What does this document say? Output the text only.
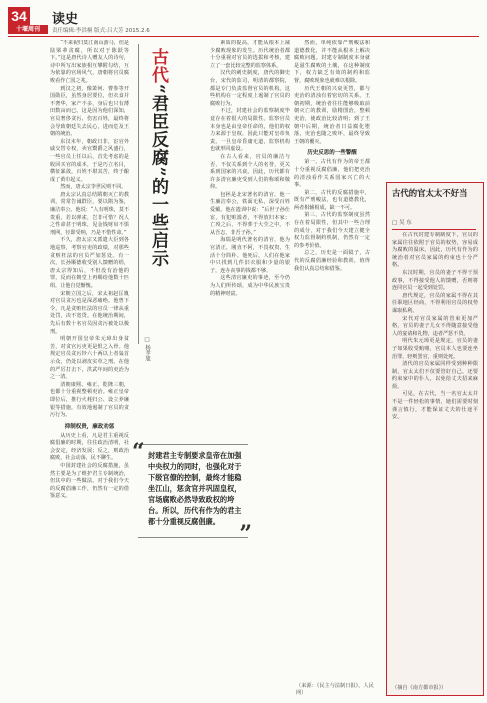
34
十堰周刊
读史
责任编辑:李洪桐 版式:吕大芳 2015.2.6

“不来祝归莫江南山游马，但是陆梁辈贪腐，所以对于陈跃等下。”这是唐代诗人赠友人的诗句，诗中所写出家族相互攀附勾结，互为依靠的官场风气，唐朝将官员腐败看作亡国之兆。

到汉之初，像萧何、曹参等开国勋臣，虽然身居要位，但衣食并不奢华，家产不多，身后也只有薄田数亩而已。这是因为他们深知，官员奢侈贪污、伤害百姓，最终将会导致朝廷失去民心，进而危及王朝的统治。

东汉末年，朝政日非，宦官外戚交替专权，卖官鬻爵之风盛行，一些官员上任以后，首先考虑的是收回买官的成本，于是巧立名目，横征暴敛，百姓不堪其苦，终于酿成了黄巾起义。

然而，唐太宗李世民则不同。

唐太宗认真总结隋朝灭亡的教训，常常告诫群臣，要以隋为鉴，廉洁奉公。他说：“人有明珠，莫不贵重，若以弹雀，岂非可惜？况人之性命甚于明珠，见金钱财帛不惧刑网，径即受纳，乃是不惜性命。”

不久，唐太宗又派遣大臣到各地巡察，考察官吏的政绩，对那些贪赃枉法的官员严加惩处。有一次，长孙顺德收受别人馈赠的绢，唐太宗得知后，不但没有治他的罪，反而在朝堂上再赐给他数十匹绢，让他自觉惭愧。

宋朝立国之后，宋太祖赵匡胤对官员贪污也是深恶痛绝。他曾下令，凡是贪赃枉法的官员一律从重处罚，决不宽贷。在他统治期间，先后有数十名官员因贪污被处以极刑。

明朝开国皇帝朱元璋出身贫苦，对贪官污吏更是恨之入骨。他规定官员贪污钞六十两以上者枭首示众，仍处以剥皮实草之刑。在他的严厉打击下，洪武年间的吏治为之一清。

清朝康熙、雍正、乾隆三朝，也都十分重视整顿吏治。雍正皇帝即位后，推行火耗归公、设立养廉银等措施，有效地遏制了官员的贪污行为。

抑制权贵，廉政劝惩

从历史上看，凡是君主重视反腐倡廉的时期，往往政治清明，社会安定，经济发展；反之，则政治腐败，社会动荡，民不聊生。

中国封建社会的反腐措施，虽然主要是为了维护君主专制统治，但其中的一些做法，对于我们今天的反腐倡廉工作，仍然有一定的借鉴意义。

古代“君臣反腐”的一些启示
□ 杨孝旭
“ 封建君主专制要求皇帝在加强中央权力的同时，也强化对于下级官僚的控制，最终才能稳坐江山，惩贪官并巩固皇权，官场腐败必然导致政权的垮台。所以，历代有作为的君主都十分重视反腐倡廉。 ”

素质的提高，才能从根本上减少腐败现象的发生。历代统治者都十分重视对官员的选拔和考核，建立了一套比较完整的监察体系。

汉代的刺史制度，唐代的御史台，宋代的监司，明清的都察院，都是专门负责监督官员的机构。这些机构在一定程度上遏制了官员的腐败行为。

不过，封建社会的监察制度毕竟存在着很大的局限性。监察官员本身也是由皇帝任命的，他们的权力来源于皇权，因此只能对皇帝负责。一旦皇帝昏庸无道，监察机构也就形同虚设。

在古人看来，官员的廉洁与否，不仅关系到个人的名誉，更关系到国家的兴衰。因此，历代都有许多清官廉吏受到人们的称颂和敬仰。

包拯是北宋著名的清官，他一生廉洁奉公，铁面无私，深受百姓爱戴。他在遗训中说：“后世子孙仕宦，有犯赃滥者，不得放归本家；亡殁之后，不得葬于大茔之中。不从吾志，非吾子孙。”

海瑞是明代著名的清官，他为官清正，刚直不阿，不畏权贵，生活十分简朴。他死后，人们在他家中只找到几件旧衣服和少量的银子，连办丧事的钱都不够。

这些清官廉吏的事迹，至今仍为人们所传颂，成为中华民族宝贵的精神财富。

然而，单纯依靠严刑峻法和道德教化，并不能从根本上解决腐败问题。封建专制制度本身就是滋生腐败的土壤，在这种制度下，权力缺乏有效的制约和监督，腐败现象也就难以根除。

历代王朝的兴衰更替，都与吏治的清浊有着密切的关系。王朝初期，统治者往往能够吸取前朝灭亡的教训，励精图治，整顿吏治，使政治比较清明；到了王朝中后期，统治者日益腐化堕落，吏治也随之败坏，最终导致王朝的覆灭。

历史反思的一些警醒

第一，古代有作为的帝王都十分重视反腐倡廉，他们把吏治的清浊看作关系国家兴亡的大事。

第二，古代的反腐措施中，既有严刑峻法，也有道德教化，两者相辅相成，缺一不可。

第三，古代的监察制度虽然存在着局限性，但其中一些合理的成分，对于我们今天建立健全权力监督制约机制，仍然有一定的参考价值。

总之，历史是一面镜子，古代的反腐倡廉经验和教训，值得我们认真总结和借鉴。

（来源：《民主与法制日报》，人民网）
古代的官太太不好当
□ 吴 东

在古代封建专制制度下，官员的家属往往依附于官员的权势，容易成为腐败的温床。因此，历代有作为的统治者对官员家属的约束也十分严格。

东汉时期，官员的妻子不得干预政事，不得接受他人的馈赠，否则将连同官员一起受到处罚。

唐代规定，官员的家属不得在其任职地区经商，不得利用官员的权势谋取私利。

宋代对官员家属的管束更加严格，官员的妻子儿女不得随意接受他人的宴请和礼物，违者严惩不贷。

明代朱元璋更是规定，官员的妻子如果收受贿赂，官员本人也要连坐治罪，轻则罢官，重则处死。

清代的官员家属同样受到种种限制，官太太们不仅要管好自己，还要约束家中的仆人，以免给丈夫招来麻烦。

可见，在古代，当一名官太太并不是一件轻松的事情，她们需要时刻谨言慎行，才能保证丈夫的仕途平安。

（摘自《南方都市报》）
